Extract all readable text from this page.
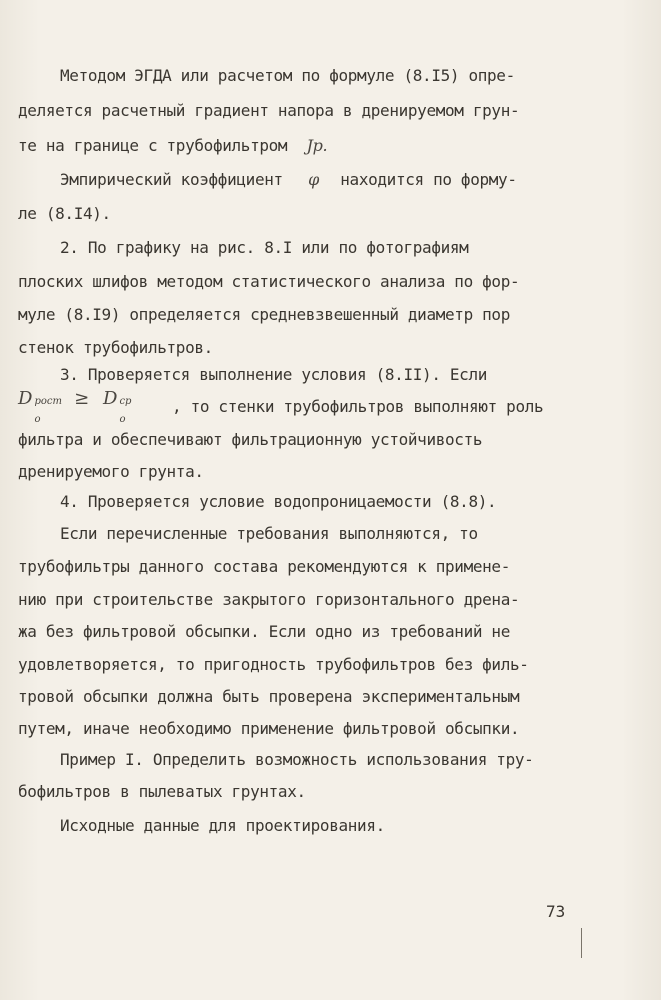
Методом ЭГДА или расчетом по формуле (8.I5) опре-
деляется расчетный градиент напора в дренируемом грун-
те на границе с трубофильтром Jp.
Эмпирический коэффициент φ находится по форму-
ле (8.I4).
2. По графику на рис. 8.I или по фотографиям
плоских шлифов методом статистического анализа по фор-
муле (8.I9) определяется средневзвешенный диаметр пор
стенок трубофильтров.
3. Проверяется выполнение условия (8.II). Если
D рост
o
≥ D ср
o
, то стенки трубофильтров выполняют роль
фильтра и обеспечивают фильтрационную устойчивость
дренируемого грунта.
4. Проверяется условие водопроницаемости (8.8).
Если перечисленные требования выполняются, то
трубофильтры данного состава рекомендуются к примене-
нию при строительстве закрытого горизонтального дрена-
жа без фильтровой обсыпки. Если одно из требований не
удовлетворяется, то пригодность трубофильтров без филь-
тровой обсыпки должна быть проверена экспериментальным
путем, иначе необходимо применение фильтровой обсыпки.
Пример I. Определить возможность использования тру-
бофильтров в пылеватых грунтах.
Исходные данные для проектирования.
73
